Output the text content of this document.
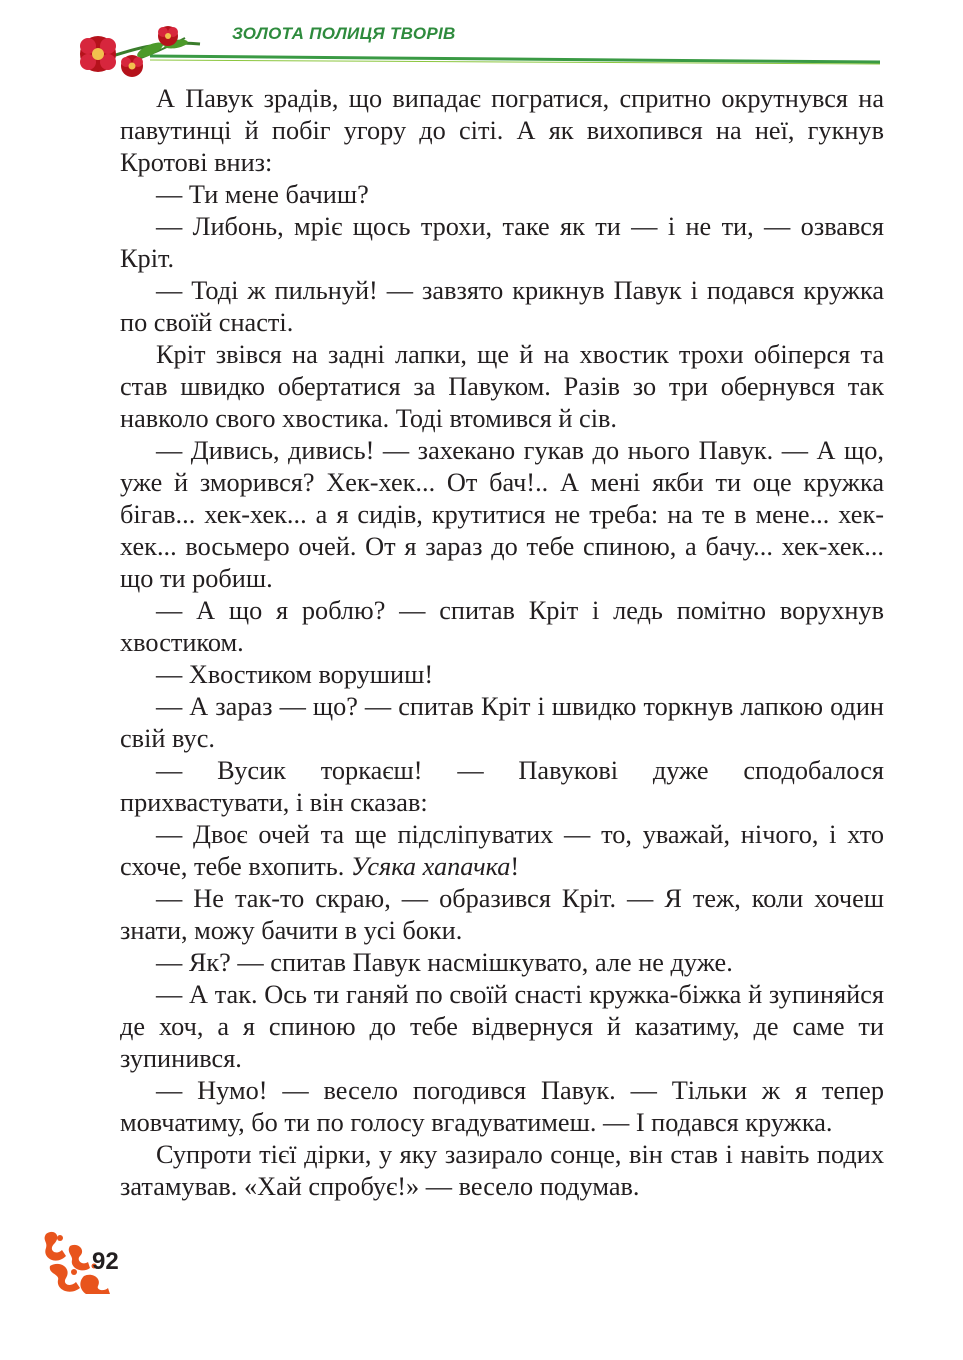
ЗОЛОТА ПОЛИЦЯ ТВОРІВ

А Павук зрадів, що випадає погратися, спритно окрутнувся на павутинці й побіг угору до сіті. А як вихопився на неї, гукнув Кротові вниз:

— Ти мене бачиш?

— Либонь, мріє щось трохи, таке як ти — і не ти, — озвався Кріт.

— Тоді ж пильнуй! — завзято крикнув Павук і подався кружка по своїй снасті.

Кріт звівся на задні лапки, ще й на хвостик трохи обіперся та став швидко обертатися за Павуком. Разів зо три обернувся так навколо свого хвостика. Тоді втомився й сів.

— Дивись, дивись! — захекано гукав до нього Павук. — А що, уже й зморився? Хек-хек... От бач!.. А мені якби ти оце кружка бігав... хек-хек... а я сидів, крутитися не треба: на те в мене... хек-хек... восьмеро очей. От я зараз до тебе спиною, а бачу... хек-хек... що ти робиш.

— А що я роблю? — спитав Кріт і ледь помітно ворухнув хвостиком.

— Хвостиком ворушиш!

— А зараз — що? — спитав Кріт і швидко торкнув лапкою один свій вус.

— Вусик торкаєш! — Павукові дуже сподобалося прихвастувати, і він сказав:

— Двоє очей та ще підсліпуватих — то, уважай, нічого, і хто схоче, тебе вхопить. Усяка хапачка!

— Не так-то скраю, — образився Кріт. — Я теж, коли хочеш знати, можу бачити в усі боки.

— Як? — спитав Павук насмішкувато, але не дуже.

— А так. Ось ти ганяй по своїй снасті кружка-біжка й зупиняйся де хоч, а я спиною до тебе відвернуся й казатиму, де саме ти зупинився.

— Нумо! — весело погодився Павук. — Тільки ж я тепер мовчатиму, бо ти по голосу вгадуватимеш. — І подався кружка.

Супроти тієї дірки, у яку зазирало сонце, він став і навіть подих затамував. «Хай спробує!» — весело подумав.

92
